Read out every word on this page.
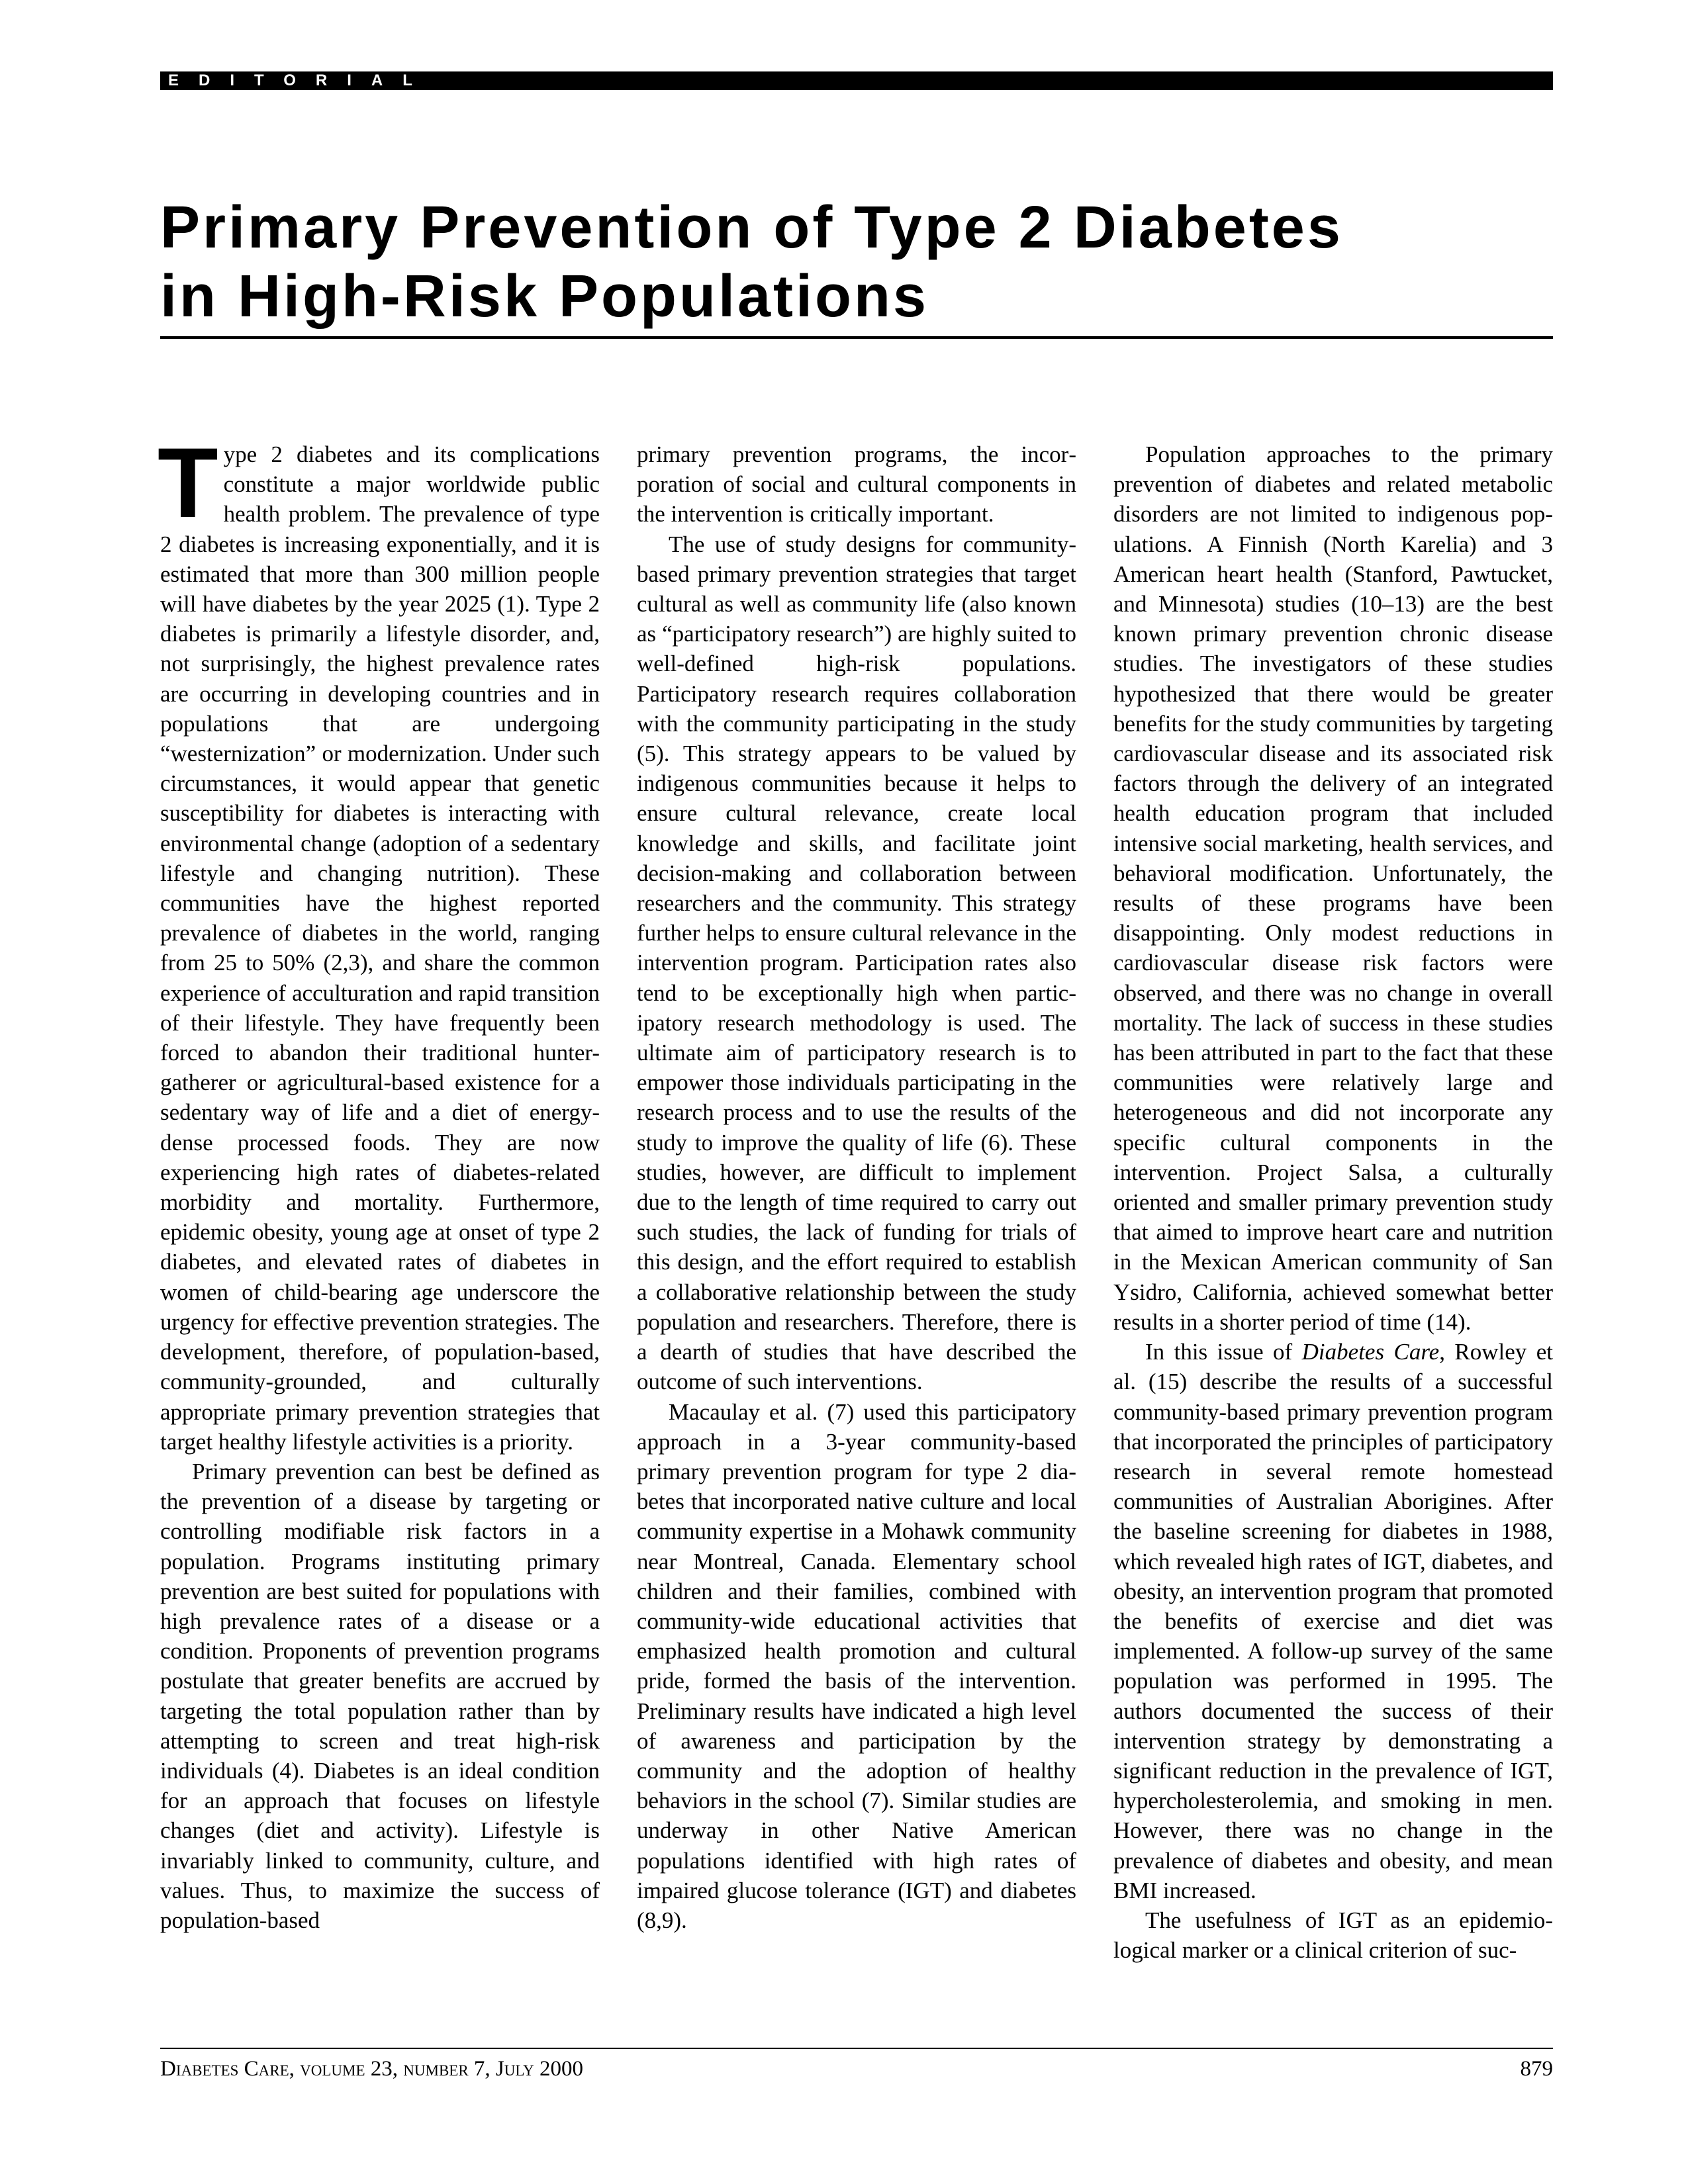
EDITORIAL
Primary Prevention of Type 2 Diabetes
in High-Risk Populations

Type 2 diabetes and its complications constitute a major worldwide public health problem. The prevalence of type 2 diabetes is increasing exponentially, and it is estimated that more than 300 million people will have diabetes by the year 2025 (1). Type 2 diabetes is primarily a lifestyle disorder, and, not surprisingly, the highest prevalence rates are occurring in developing countries and in populations that are undergoing “westernization” or modernization. Under such circumstances, it would appear that genetic susceptibility for diabetes is interacting with environmental change (adoption of a sedentary lifestyle and changing nutrition). These communities have the highest reported prevalence of diabetes in the world, ranging from 25 to 50% (2,3), and share the common experience of acculturation and rapid transition of their lifestyle. They have frequently been forced to abandon their traditional hunter-gatherer or agricultural-based existence for a sedentary way of life and a diet of energy-dense processed foods. They are now experiencing high rates of diabetes-related morbidity and mortality. Furthermore, epidemic obesity, young age at onset of type 2 diabetes, and elevated rates of diabetes in women of child-bearing age underscore the urgency for effective prevention strategies. The development, therefore, of population-based, community-grounded, and culturally appropriate primary prevention strategies that target healthy lifestyle activities is a priority.

Primary prevention can best be defined as the prevention of a disease by targeting or controlling modifiable risk factors in a population. Programs instituting primary prevention are best suited for populations with high prevalence rates of a disease or a condition. Proponents of prevention programs postulate that greater benefits are accrued by targeting the total population rather than by attempting to screen and treat high-risk individuals (4). Diabetes is an ideal condition for an approach that focuses on lifestyle changes (diet and activity). Lifestyle is invariably linked to community, culture, and values. Thus, to maximize the success of population-based

primary prevention programs, the incorporation of social and cultural components in the intervention is critically important.

The use of study designs for community-based primary prevention strategies that target cultural as well as community life (also known as “participatory research”) are highly suited to well-defined high-risk populations. Participatory research requires collaboration with the community participating in the study (5). This strategy appears to be valued by indigenous communities because it helps to ensure cultural relevance, create local knowledge and skills, and facilitate joint decision-making and collaboration between researchers and the community. This strategy further helps to ensure cultural relevance in the intervention program. Participation rates also tend to be exceptionally high when participatory research methodology is used. The ultimate aim of participatory research is to empower those individuals participating in the research process and to use the results of the study to improve the quality of life (6). These studies, however, are difficult to implement due to the length of time required to carry out such studies, the lack of funding for trials of this design, and the effort required to establish a collaborative relationship between the study population and researchers. Therefore, there is a dearth of studies that have described the outcome of such interventions.

Macaulay et al. (7) used this participatory approach in a 3-year community-based primary prevention program for type 2 diabetes that incorporated native culture and local community expertise in a Mohawk community near Montreal, Canada. Elementary school children and their families, combined with community-wide educational activities that emphasized health promotion and cultural pride, formed the basis of the intervention. Preliminary results have indicated a high level of awareness and participation by the community and the adoption of healthy behaviors in the school (7). Similar studies are underway in other Native American populations identified with high rates of impaired glucose tolerance (IGT) and diabetes (8,9).

Population approaches to the primary prevention of diabetes and related metabolic disorders are not limited to indigenous populations. A Finnish (North Karelia) and 3 American heart health (Stanford, Pawtucket, and Minnesota) studies (10–13) are the best known primary prevention chronic disease studies. The investigators of these studies hypothesized that there would be greater benefits for the study communities by targeting cardiovascular disease and its associated risk factors through the delivery of an integrated health education program that included intensive social marketing, health services, and behavioral modification. Unfortunately, the results of these programs have been disappointing. Only modest reductions in cardiovascular disease risk factors were observed, and there was no change in overall mortality. The lack of success in these studies has been attributed in part to the fact that these communities were relatively large and heterogeneous and did not incorporate any specific cultural components in the intervention. Project Salsa, a culturally oriented and smaller primary prevention study that aimed to improve heart care and nutrition in the Mexican American community of San Ysidro, California, achieved somewhat better results in a shorter period of time (14).

In this issue of Diabetes Care, Rowley et al. (15) describe the results of a successful community-based primary prevention program that incorporated the principles of participatory research in several remote homestead communities of Australian Aborigines. After the baseline screening for diabetes in 1988, which revealed high rates of IGT, diabetes, and obesity, an intervention program that promoted the benefits of exercise and diet was implemented. A follow-up survey of the same population was performed in 1995. The authors documented the success of their intervention strategy by demonstrating a significant reduction in the prevalence of IGT, hypercholesterolemia, and smoking in men. However, there was no change in the prevalence of diabetes and obesity, and mean BMI increased.

The usefulness of IGT as an epidemiological marker or a clinical criterion of suc-

Diabetes Care, volume 23, number 7, July 2000	879
